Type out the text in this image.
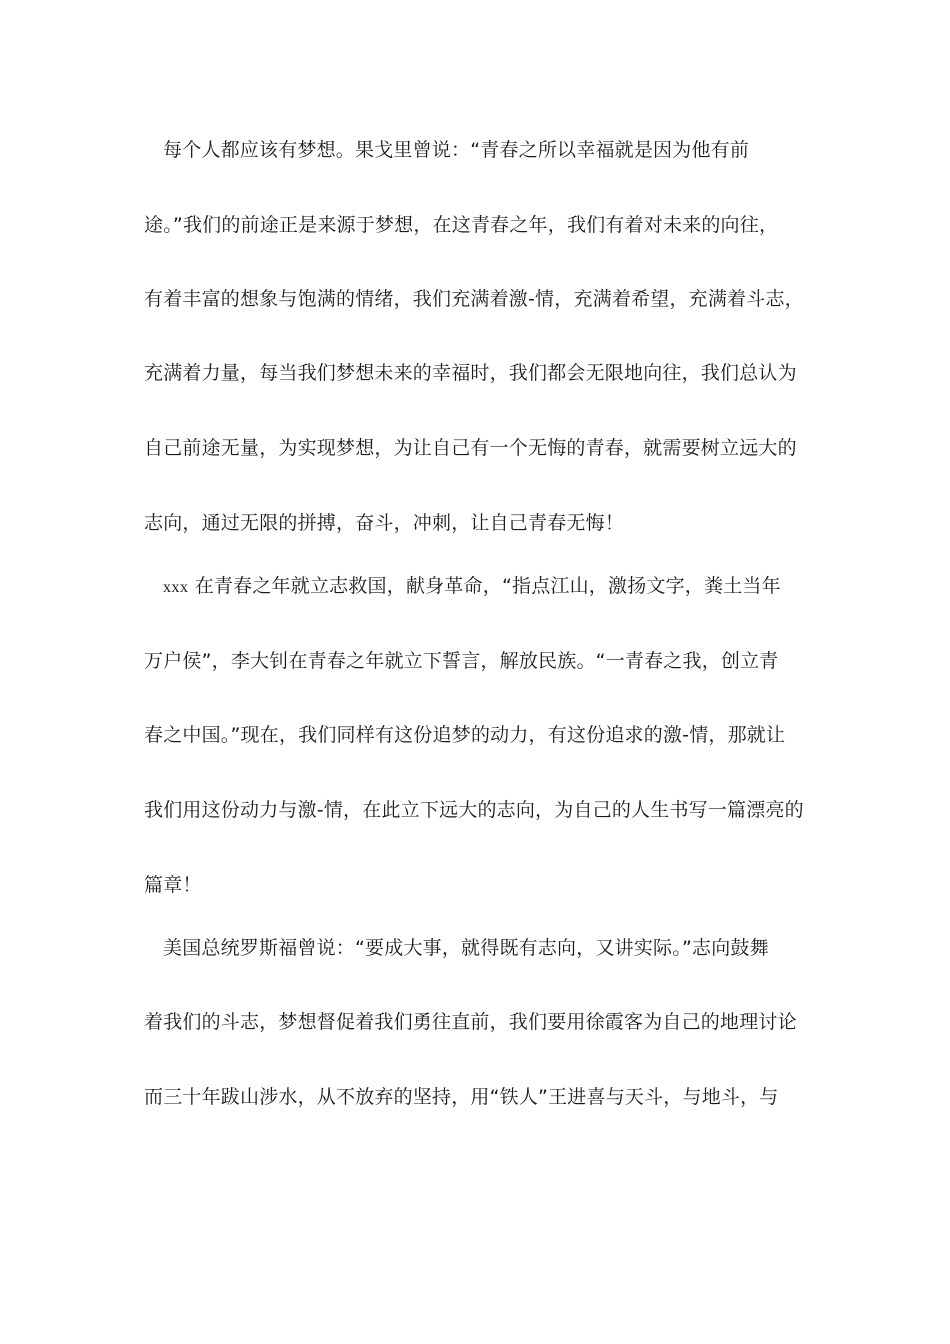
每个人都应该有梦想。果戈里曾说：“青春之所以幸福就是因为他有前
途。”我们的前途正是来源于梦想，在这青春之年，我们有着对未来的向往，
有着丰富的想象与饱满的情绪，我们充满着激-情，充满着希望，充满着斗志，
充满着力量，每当我们梦想未来的幸福时，我们都会无限地向往，我们总认为
自己前途无量，为实现梦想，为让自己有一个无悔的青春，就需要树立远大的
志向，通过无限的拼搏，奋斗，冲刺，让自己青春无悔！
xxx 在青春之年就立志救国，献身革命，“指点江山，激扬文字，粪土当年
万户侯”，李大钊在青春之年就立下誓言，解放民族。“一青春之我，创立青
春之中国。”现在，我们同样有这份追梦的动力，有这份追求的激-情，那就让
我们用这份动力与激-情，在此立下远大的志向，为自己的人生书写一篇漂亮的
篇章！
美国总统罗斯福曾说：“要成大事，就得既有志向，又讲实际。”志向鼓舞
着我们的斗志，梦想督促着我们勇往直前，我们要用徐霞客为自己的地理讨论
而三十年跋山涉水，从不放弃的坚持，用“铁人”王进喜与天斗，与地斗，与
